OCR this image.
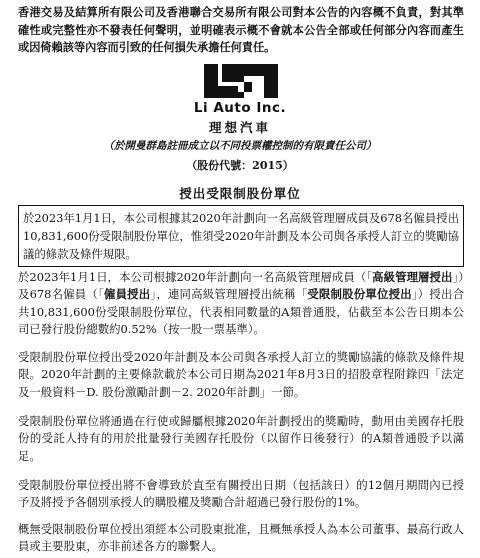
香港交易及結算所有限公司及香港聯合交易所有限公司對本公告的內容概不負責，對其準確性或完整性亦不發表任何聲明，並明確表示概不會就本公告全部或任何部分內容而產生或因倚賴該等內容而引致的任何損失承擔任何責任。
Li Auto Inc.
理想汽車
（於開曼群島註冊成立以不同投票權控制的有限責任公司）
（股份代號：2015）
授出受限制股份單位
於2023年1月1日，本公司根據其2020年計劃向一名高級管理層成員及678名僱員授出10,831,600份受限制股份單位，惟須受2020年計劃及本公司與各承授人訂立的獎勵協議的條款及條件規限。
於2023年1月1日，本公司根據2020年計劃向一名高級管理層成員（「高級管理層授出」）及678名僱員（「僱員授出」，連同高級管理層授出統稱「受限制股份單位授出」）授出合共10,831,600份受限制股份單位，代表相同數量的A類普通股，佔截至本公告日期本公司已發行股份總數約0.52%（按一股一票基準）。
受限制股份單位授出受2020年計劃及本公司與各承授人訂立的獎勵協議的條款及條件規限。2020年計劃的主要條款載於本公司日期為2021年8月3日的招股章程附錄四「法定及一般資料－D. 股份激勵計劃－2. 2020年計劃」一節。
受限制股份單位將通過在行使或歸屬根據2020年計劃授出的獎勵時，動用由美國存托股份的受託人持有的用於批量發行美國存托股份（以留作日後發行）的A類普通股予以滿足。
受限制股份單位授出將不會導致於直至有關授出日期（包括該日）的12個月期間內已授予及將授予各個別承授人的購股權及獎勵合計超過已發行股份的1%。
概無受限制股份單位授出須經本公司股東批准，且概無承授人為本公司董事、最高行政人員或主要股東，亦非前述各方的聯繫人。
